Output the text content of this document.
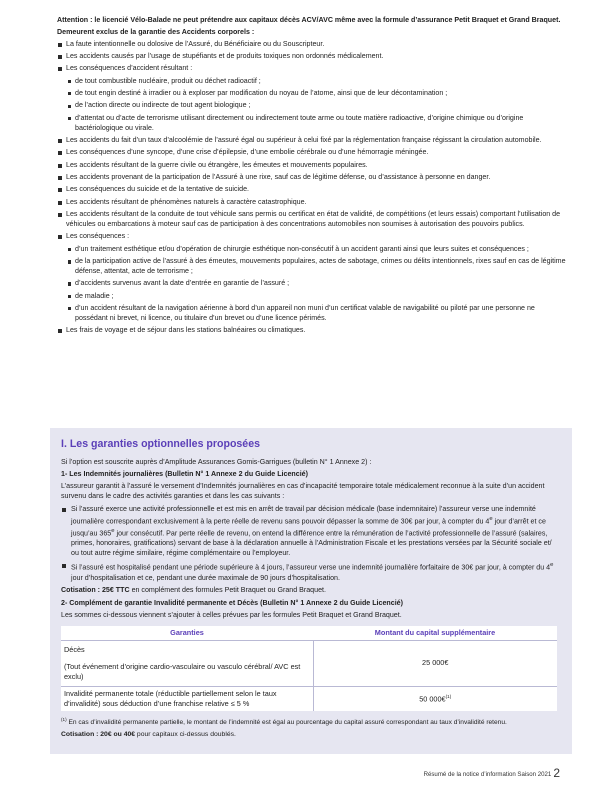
Attention : le licencié Vélo-Balade ne peut prétendre aux capitaux décès ACV/AVC même avec la formule d’assurance Petit Braquet et Grand Braquet.
Demeurent exclus de la garantie des Accidents corporels :
La faute intentionnelle ou dolosive de l’Assuré, du Bénéficiaire ou du Souscripteur.
Les accidents causés par l’usage de stupéfiants et de produits toxiques non ordonnés médicalement.
Les conséquences d’accident résultant :
de tout combustible nucléaire, produit ou déchet radioactif ;
de tout engin destiné à irradier ou à exploser par modification du noyau de l’atome, ainsi que de leur décontamination ;
de l’action directe ou indirecte de tout agent biologique ;
d’attentat ou d’acte de terrorisme utilisant directement ou indirectement toute arme ou toute matière radioactive, d’origine chimique ou d’origine bactériologique ou virale.
Les accidents du fait d’un taux d’alcoolémie de l’assuré égal ou supérieur à celui fixé par la réglementation française régissant la circulation automobile.
Les conséquences d’une syncope, d’une crise d’épilepsie, d’une embolie cérébrale ou d’une hémorragie méningée.
Les accidents résultant de la guerre civile ou étrangère, les émeutes et mouvements populaires.
Les accidents provenant de la participation de l’Assuré à une rixe, sauf cas de légitime défense, ou d’assistance à personne en danger.
Les conséquences du suicide et de la tentative de suicide.
Les accidents résultant de phénomènes naturels à caractère catastrophique.
Les accidents résultant de la conduite de tout véhicule sans permis ou certificat en état de validité, de compétitions (et leurs essais) comportant l’utilisation de véhicules ou embarcations à moteur sauf cas de participation à des concentrations automobiles non soumises à autorisation des pouvoirs publics.
Les conséquences :
d’un traitement esthétique et/ou d’opération de chirurgie esthétique non-consécutif à un accident garanti ainsi que leurs suites et conséquences ;
de la participation active de l’assuré à des émeutes, mouvements populaires, actes de sabotage, crimes ou délits intentionnels, rixes sauf en cas de légitime défense, attentat, acte de terrorisme ;
d’accidents survenus avant la date d’entrée en garantie de l’assuré ;
de maladie ;
d’un accident résultant de la navigation aérienne à bord d’un appareil non muni d’un certificat valable de navigabilité ou piloté par une personne ne possédant ni brevet, ni licence, ou titulaire d’un brevet ou d’une licence périmés.
Les frais de voyage et de séjour dans les stations balnéaires ou climatiques.
I. Les garanties optionnelles proposées
Si l’option est souscrite auprès d’Amplitude Assurances Gomis-Garrigues (bulletin N° 1 Annexe 2) :
1- Les Indemnités journalières (Bulletin N° 1 Annexe 2 du Guide Licencié)
L’assureur garantit à l’assuré le versement d’Indemnités journalières en cas d’incapacité temporaire totale médicalement reconnue à la suite d’un accident survenu dans le cadre des activités garanties et dans les cas suivants :
Si l’assuré exerce une activité professionnelle et est mis en arrêt de travail par décision médicale (base indemnitaire) l’assureur verse une indemnité journalière correspondant exclusivement à la perte réelle de revenu sans pouvoir dépasser la somme de 30€ par jour, à compter du 4e jour d’arrêt et ce jusqu’au 365e jour consécutif. Par perte réelle de revenu, on entend la différence entre la rémunération de l’activité professionnelle de l’assuré (salaires, primes, honoraires, gratifications) servant de base à la déclaration annuelle à l’Administration Fiscale et les prestations versées par la Sécurité sociale et/ ou tout autre régime similaire, régime complémentaire ou l’employeur.
Si l’assuré est hospitalisé pendant une période supérieure à 4 jours, l’assureur verse une indemnité journalière forfaitaire de 30€ par jour, à compter du 4e jour d’hospitalisation et ce, pendant une durée maximale de 90 jours d’hospitalisation.
Cotisation : 25€ TTC en complément des formules Petit Braquet ou Grand Braquet.
2- Complément de garantie Invalidité permanente et Décès (Bulletin N° 1 Annexe 2 du Guide Licencié)
Les sommes ci-dessous viennent s’ajouter à celles prévues par les formules Petit Braquet et Grand Braquet.
Garanties	Montant du capital supplémentaire

Décès
(Tout événement d’origine cardio-vasculaire ou vasculo cérébral/ AVC est exclu)	25 000€
Invalidité permanente totale (réductible partiellement selon le taux d’invalidité) sous déduction d’une franchise relative ≤ 5 %	50 000€$^{(1)}$
$^{(1)}$ En cas d’invalidité permanente partielle, le montant de l’indemnité est égal au pourcentage du capital assuré correspondant au taux d’invalidité retenu.
Cotisation : 20€ ou 40€ pour capitaux ci-dessus doublés.
Résumé de la notice d’information Saison 2021 2
